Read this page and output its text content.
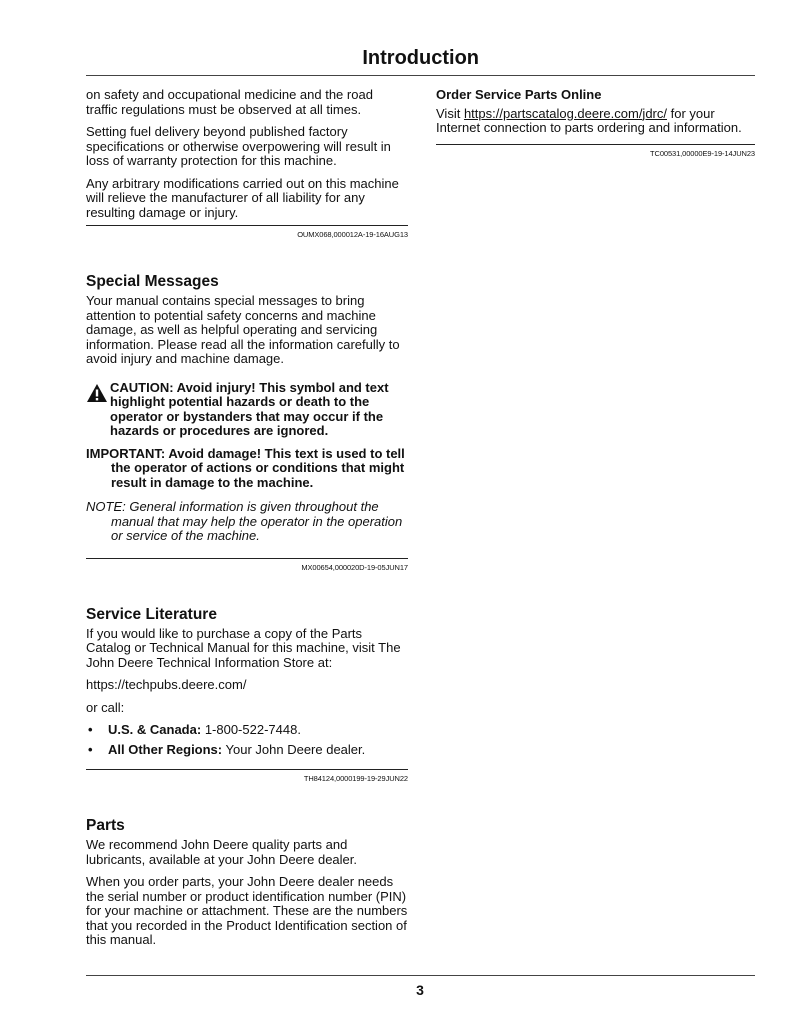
Introduction

on safety and occupational medicine and the road traffic regulations must be observed at all times.

Setting fuel delivery beyond published factory specifications or otherwise overpowering will result in loss of warranty protection for this machine.

Any arbitrary modifications carried out on this machine will relieve the manufacturer of all liability for any resulting damage or injury.

OUMX068,000012A-19-16AUG13
Special Messages

Your manual contains special messages to bring attention to potential safety concerns and machine damage, as well as helpful operating and servicing information. Please read all the information carefully to avoid injury and machine damage.

CAUTION: Avoid injury! This symbol and text highlight potential hazards or death to the operator or bystanders that may occur if the hazards or procedures are ignored.

IMPORTANT: Avoid damage! This text is used to tell the operator of actions or conditions that might result in damage to the machine.

NOTE: General information is given throughout the manual that may help the operator in the operation or service of the machine.

MX00654,000020D-19-05JUN17
Service Literature

If you would like to purchase a copy of the Parts Catalog or Technical Manual for this machine, visit The John Deere Technical Information Store at:

https://techpubs.deere.com/

or call:

•	U.S. & Canada: 1-800-522-7448.
•	All Other Regions: Your John Deere dealer.
TH84124,0000199-19-29JUN22
Parts

We recommend John Deere quality parts and lubricants, available at your John Deere dealer.

When you order parts, your John Deere dealer needs the serial number or product identification number (PIN) for your machine or attachment. These are the numbers that you recorded in the Product Identification section of this manual.

Order Service Parts Online

Visit https://partscatalog.deere.com/jdrc/ for your Internet connection to parts ordering and information.

TC00531,00000E9-19-14JUN23
3
